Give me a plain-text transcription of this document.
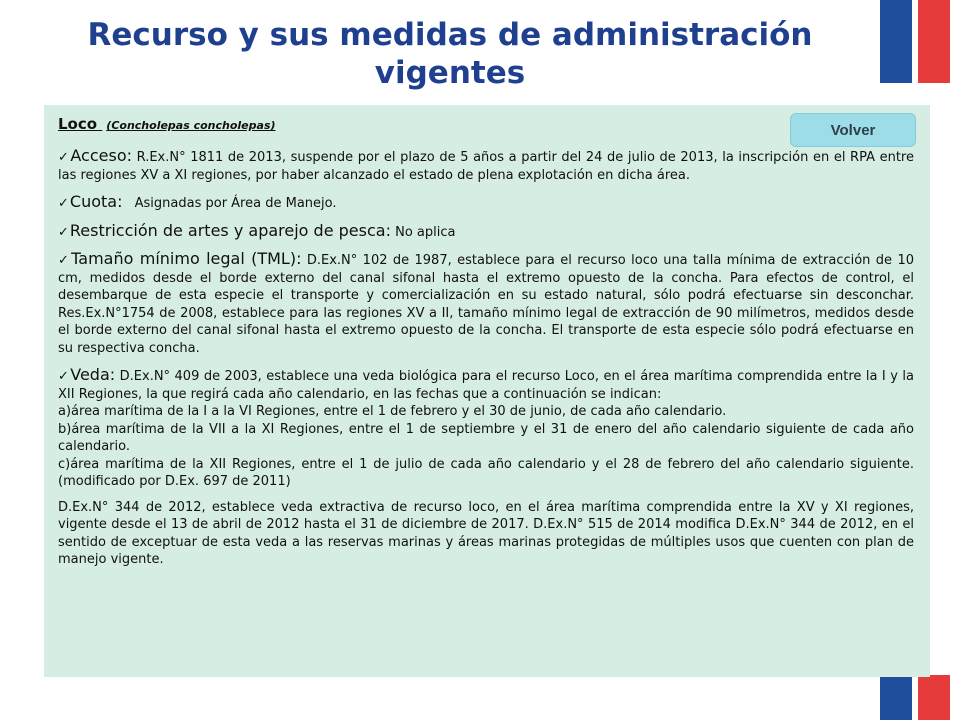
Recurso y sus medidas de administración vigentes
Volver
Loco (Concholepas concholepas)
✓Acceso: R.Ex.N° 1811 de 2013, suspende por el plazo de 5 años a partir del 24 de julio de 2013, la inscripción en el RPA entre las regiones XV a XI regiones, por haber alcanzado el estado de plena explotación en dicha área.
✓Cuota: Asignadas por Área de Manejo.
✓Restricción de artes y aparejo de pesca: No aplica
✓Tamaño mínimo legal (TML): D.Ex.N° 102 de 1987, establece para el recurso loco una talla mínima de extracción de 10 cm, medidos desde el borde externo del canal sifonal hasta el extremo opuesto de la concha. Para efectos de control, el desembarque de esta especie el transporte y comercialización en su estado natural, sólo podrá efectuarse sin desconchar. Res.Ex.N°1754 de 2008, establece para las regiones XV a II, tamaño mínimo legal de extracción de 90 milímetros, medidos desde el borde externo del canal sifonal hasta el extremo opuesto de la concha. El transporte de esta especie sólo podrá efectuarse en su respectiva concha.
✓Veda: D.Ex.N° 409 de 2003, establece una veda biológica para el recurso Loco, en el área marítima comprendida entre la I y la XII Regiones, la que regirá cada año calendario, en las fechas que a continuación se indican:
a)área marítima de la I a la VI Regiones, entre el 1 de febrero y el 30 de junio, de cada año calendario.
b)área marítima de la VII a la XI Regiones, entre el 1 de septiembre y el 31 de enero del año calendario siguiente de cada año calendario.
c)área marítima de la XII Regiones, entre el 1 de julio de cada año calendario y el 28 de febrero del año calendario siguiente.(modificado por D.Ex. 697 de 2011)
D.Ex.N° 344 de 2012, establece veda extractiva de recurso loco, en el área marítima comprendida entre la XV y XI regiones, vigente desde el 13 de abril de 2012 hasta el 31 de diciembre de 2017. D.Ex.N° 515 de 2014 modifica D.Ex.N° 344 de 2012, en el sentido de exceptuar de esta veda a las reservas marinas y áreas marinas protegidas de múltiples usos que cuenten con plan de manejo vigente.
